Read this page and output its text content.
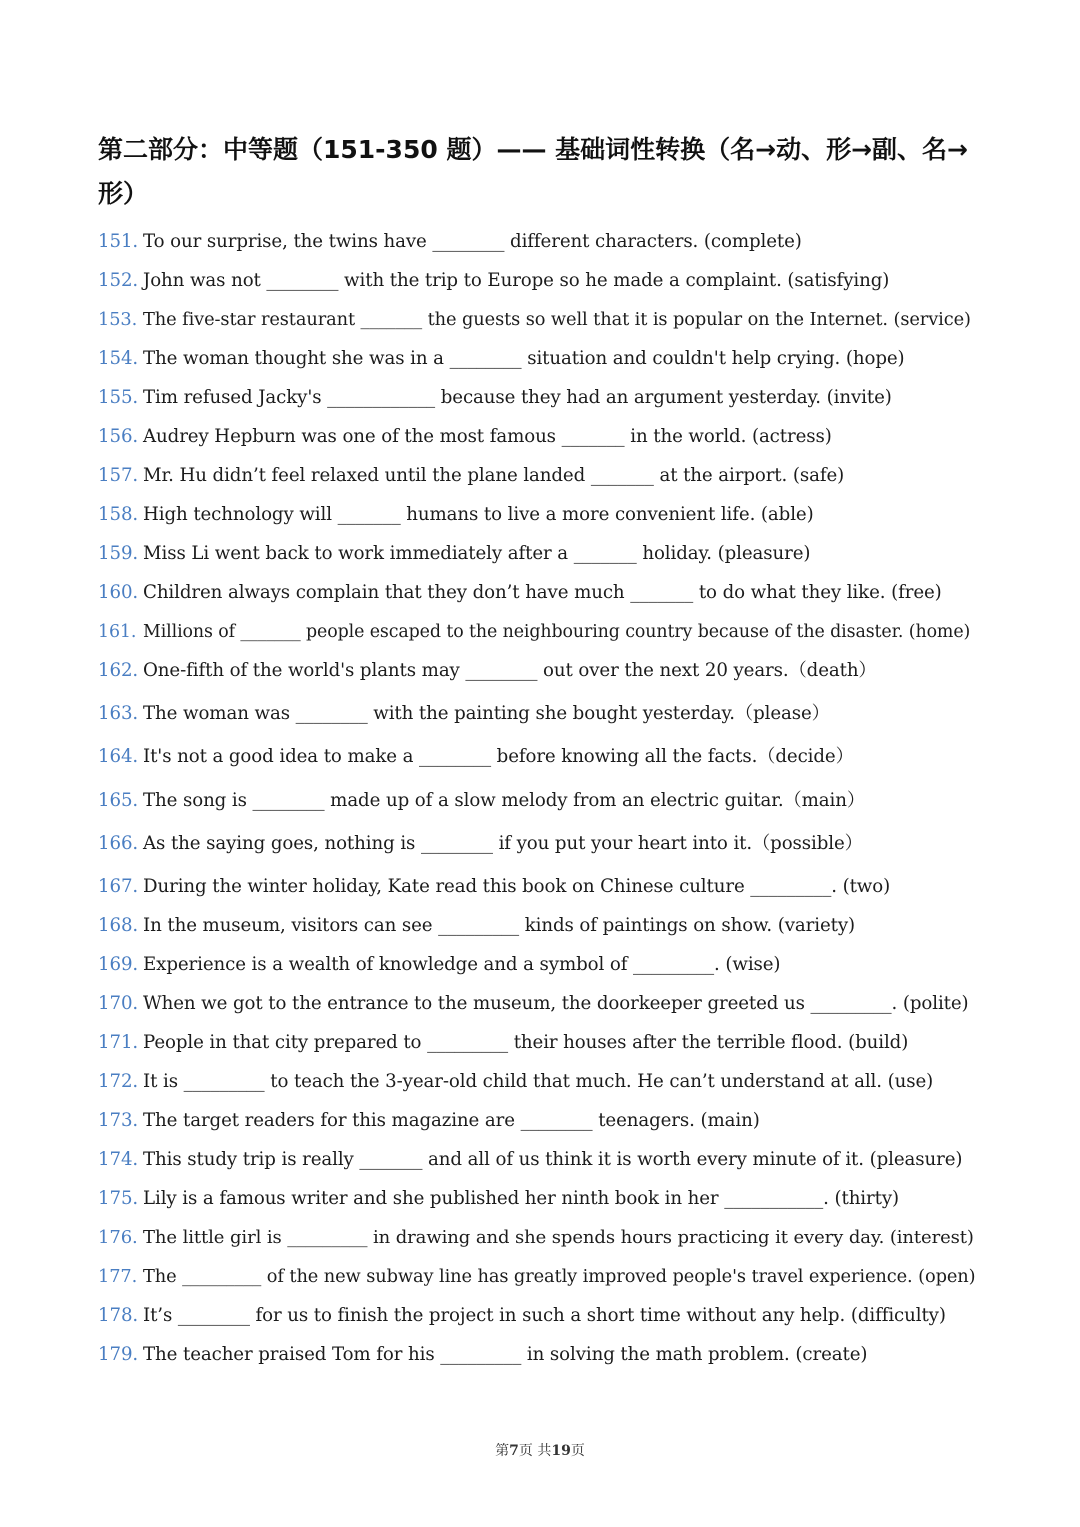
第二部分：中等题（151-350 题）—— 基础词性转换（名→动、形→副、名→形）
151. To our surprise, the twins have ________ different characters. (complete)
152. John was not ________ with the trip to Europe so he made a complaint. (satisfying)
153. The five-star restaurant _______ the guests so well that it is popular on the Internet. (service)
154. The woman thought she was in a ________ situation and couldn't help crying. (hope)
155. Tim refused Jacky's ____________ because they had an argument yesterday. (invite)
156. Audrey Hepburn was one of the most famous _______ in the world. (actress)
157. Mr. Hu didn’t feel relaxed until the plane landed _______ at the airport. (safe)
158. High technology will _______ humans to live a more convenient life. (able)
159. Miss Li went back to work immediately after a _______ holiday. (pleasure)
160. Children always complain that they don’t have much _______ to do what they like. (free)
161. Millions of _______ people escaped to the neighbouring country because of the disaster. (home)
162. One-fifth of the world's plants may ________ out over the next 20 years.（death）
163. The woman was ________ with the painting she bought yesterday.（please）
164. It's not a good idea to make a ________ before knowing all the facts.（decide）
165. The song is ________ made up of a slow melody from an electric guitar.（main）
166. As the saying goes, nothing is ________ if you put your heart into it.（possible）
167. During the winter holiday, Kate read this book on Chinese culture _________. (two)
168. In the museum, visitors can see _________ kinds of paintings on show. (variety)
169. Experience is a wealth of knowledge and a symbol of _________. (wise)
170. When we got to the entrance to the museum, the doorkeeper greeted us _________. (polite)
171. People in that city prepared to _________ their houses after the terrible flood. (build)
172. It is _________ to teach the 3-year-old child that much. He can’t understand at all. (use)
173. The target readers for this magazine are ________ teenagers. (main)
174. This study trip is really _______ and all of us think it is worth every minute of it. (pleasure)
175. Lily is a famous writer and she published her ninth book in her ___________. (thirty)
176. The little girl is _________ in drawing and she spends hours practicing it every day. (interest)
177. The _________ of the new subway line has greatly improved people's travel experience. (open)
178. It’s ________ for us to finish the project in such a short time without any help. (difficulty)
179. The teacher praised Tom for his _________ in solving the math problem. (create)
第7页 共19页
